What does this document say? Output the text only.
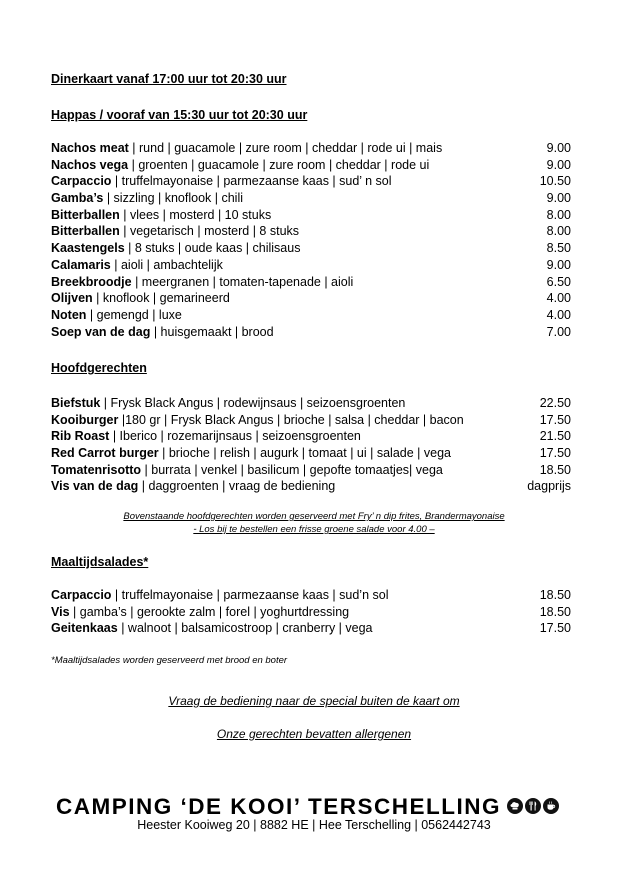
Dinerkaart vanaf 17:00 uur tot 20:30 uur
Happas / vooraf van 15:30 uur tot 20:30 uur
Nachos meat | rund | guacamole | zure room | cheddar | rode ui | mais	9.00
Nachos vega | groenten | guacamole | zure room | cheddar | rode ui	9.00
Carpaccio | truffelmayonaise | parmezaanse kaas | sud’ n sol	10.50
Gamba’s | sizzling | knoflook | chili	9.00
Bitterballen | vlees | mosterd | 10 stuks	8.00
Bitterballen | vegetarisch | mosterd | 8 stuks	8.00
Kaastengels | 8 stuks | oude kaas | chilisaus	8.50
Calamaris | aioli | ambachtelijk	9.00
Breekbroodje | meergranen | tomaten-tapenade | aioli	6.50
Olijven | knoflook | gemarineerd	4.00
Noten | gemengd | luxe	4.00
Soep van de dag | huisgemaakt | brood	7.00
Hoofdgerechten
Biefstuk | Frysk Black Angus | rodewijnsaus | seizoensgroenten	22.50
Kooiburger |180 gr | Frysk Black Angus | brioche | salsa | cheddar | bacon	17.50
Rib Roast | Iberico | rozemarijnsaus | seizoensgroenten	21.50
Red Carrot burger | brioche | relish | augurk | tomaat | ui | salade | vega	17.50
Tomatenrisotto | burrata | venkel | basilicum | gepofte tomaatjes| vega	18.50
Vis van de dag | daggroenten | vraag de bediening	dagprijs
Bovenstaande hoofdgerechten worden geserveerd met Fry’ n dip frites, Brandermayonaise
- Los bij te bestellen een frisse groene salade voor 4.00 –
Maaltijdsalades*
Carpaccio | truffelmayonaise | parmezaanse kaas | sud’n sol	18.50
Vis | gamba’s | gerookte zalm | forel | yoghurtdressing	18.50
Geitenkaas | walnoot | balsamicostroop | cranberry | vega	17.50
*Maaltijdsalades worden geserveerd met brood en boter
Vraag de bediening naar de special buiten de kaart om
Onze gerechten bevatten allergenen
CAMPING ‘DE KOOI’ TERSCHELLING
Heester Kooiweg 20 | 8882 HE | Hee Terschelling | 0562442743
